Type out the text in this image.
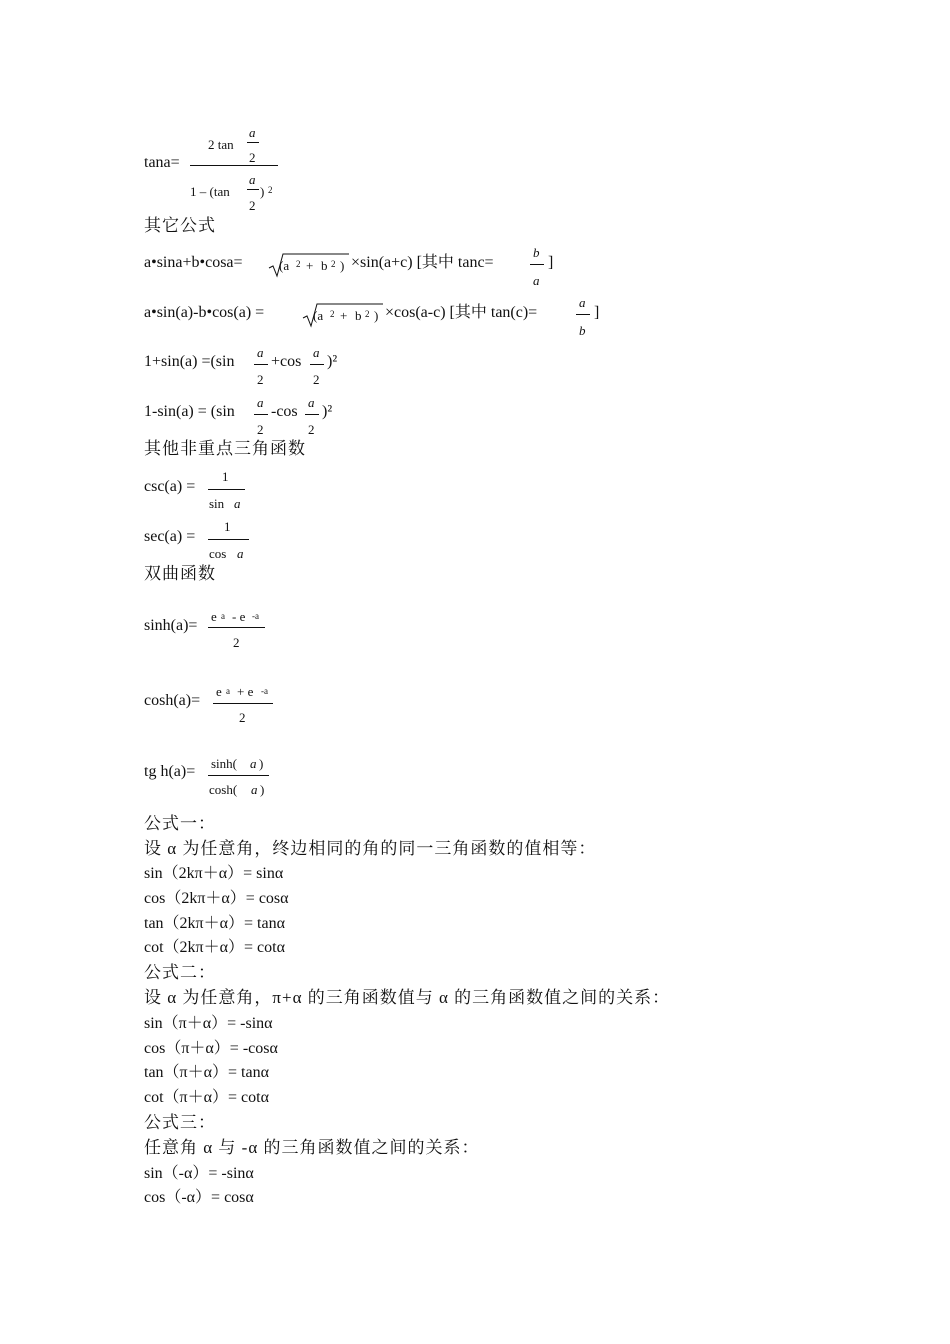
tana=
2 tan
a
2
1 – (tan
a
2
) 2
其它公式
a•sina+b•cosa=	(a 2 + b 2 ) ×sin(a+c) [其中 tanc=
b
a
]
a•sin(a)-b•cos(a) =	(a 2 + b 2 ) ×cos(a-c) [其中 tan(c)=
a
b
]
1+sin(a) =(sin
a
2
+cos
a
2
)²
1-sin(a) = (sin
a
2
-cos
a
2
)²
其他非重点三角函数
csc(a) =
1
sin a
sec(a) =
1
cos a
双曲函数
sinh(a)=
e a - e -a
2
cosh(a)=
e a + e -a
2
tg h(a)= sinh( a )
cosh( a )
公式一：
设 α 为任意角，终边相同的角的同一三角函数的值相等：
sin（2kπ＋α）= sinα
cos（2kπ＋α）= cosα
tan（2kπ＋α）= tanα
cot（2kπ＋α）= cotα
公式二：
设 α 为任意角，π+α 的三角函数值与 α 的三角函数值之间的关系：
sin（π＋α）= -sinα
cos（π＋α）= -cosα
tan（π＋α）= tanα
cot（π＋α）= cotα
公式三：
任意角 α 与 -α 的三角函数值之间的关系：
sin（-α）= -sinα
cos（-α）= cosα
